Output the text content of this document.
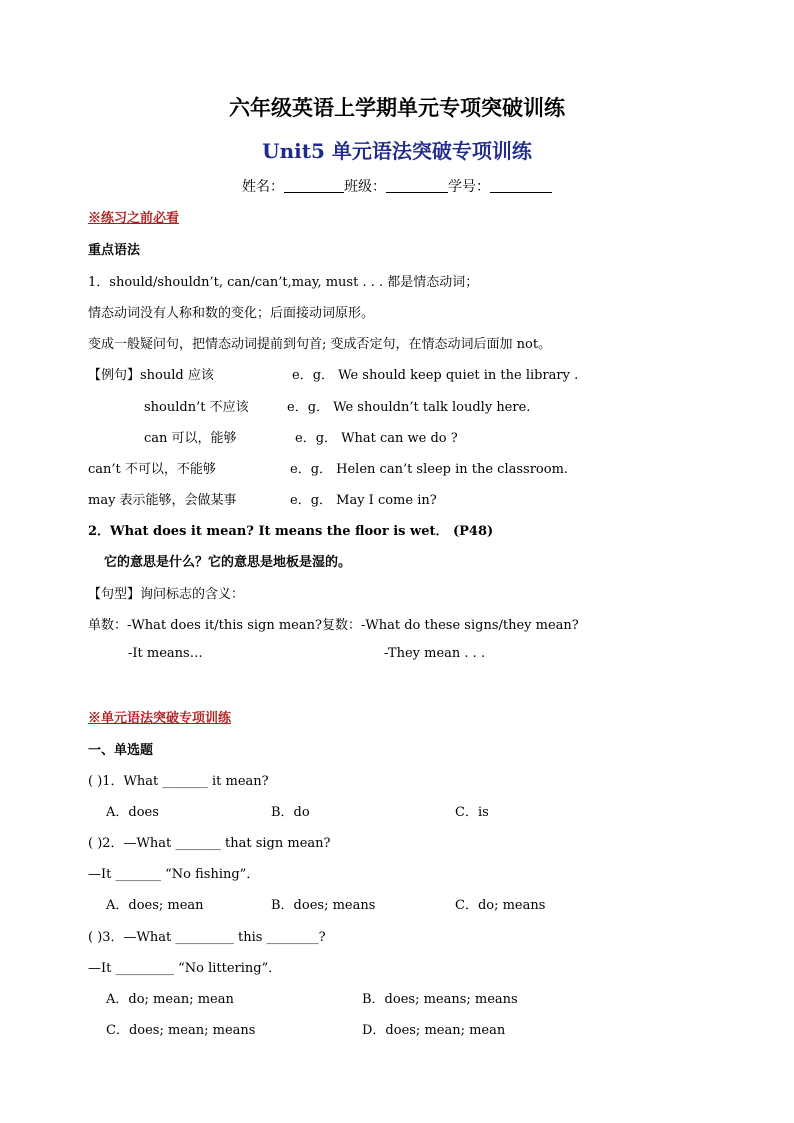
六年级英语上学期单元专项突破训练
Unit5 单元语法突破专项训练
姓名：	班级：	学号：
※练习之前必看
重点语法
1．should/shouldn’t, can/can’t,may, must . . . 都是情态动词；
情态动词没有人称和数的变化；后面接动词原形。
变成一般疑问句，把情态动词提前到句首; 变成否定句，在情态动词后面加 not。
【例句】should 应该	e．g． We should keep quiet in the library .
shouldn’t 不应该	e．g． We shouldn’t talk loudly here.
can 可以，能够	e．g． What can we do ?
can’t 不可以，不能够	e．g． Helen can’t sleep in the classroom.
may 表示能够，会做某事	e．g． May I come in?
2．What does it mean? It means the floor is wet． (P48)
它的意思是什么？它的意思是地板是湿的。
【句型】询问标志的含义：
单数：-What does it/this sign mean? 复数：-What do these signs/they mean?
-It means…	-They mean . . .
※单元语法突破专项训练
一、单选题
( )1．What _______ it mean?
A．does	B．do	C．is
( )2．—What _______ that sign mean?
—It _______ “No fishing”．
A．does; mean	B．does; means	C．do; means
( )3．—What _________ this ________?
—It _________ “No littering”．
A．do; mean; mean	B．does; means; means
C．does; mean; means	D．does; mean; mean
